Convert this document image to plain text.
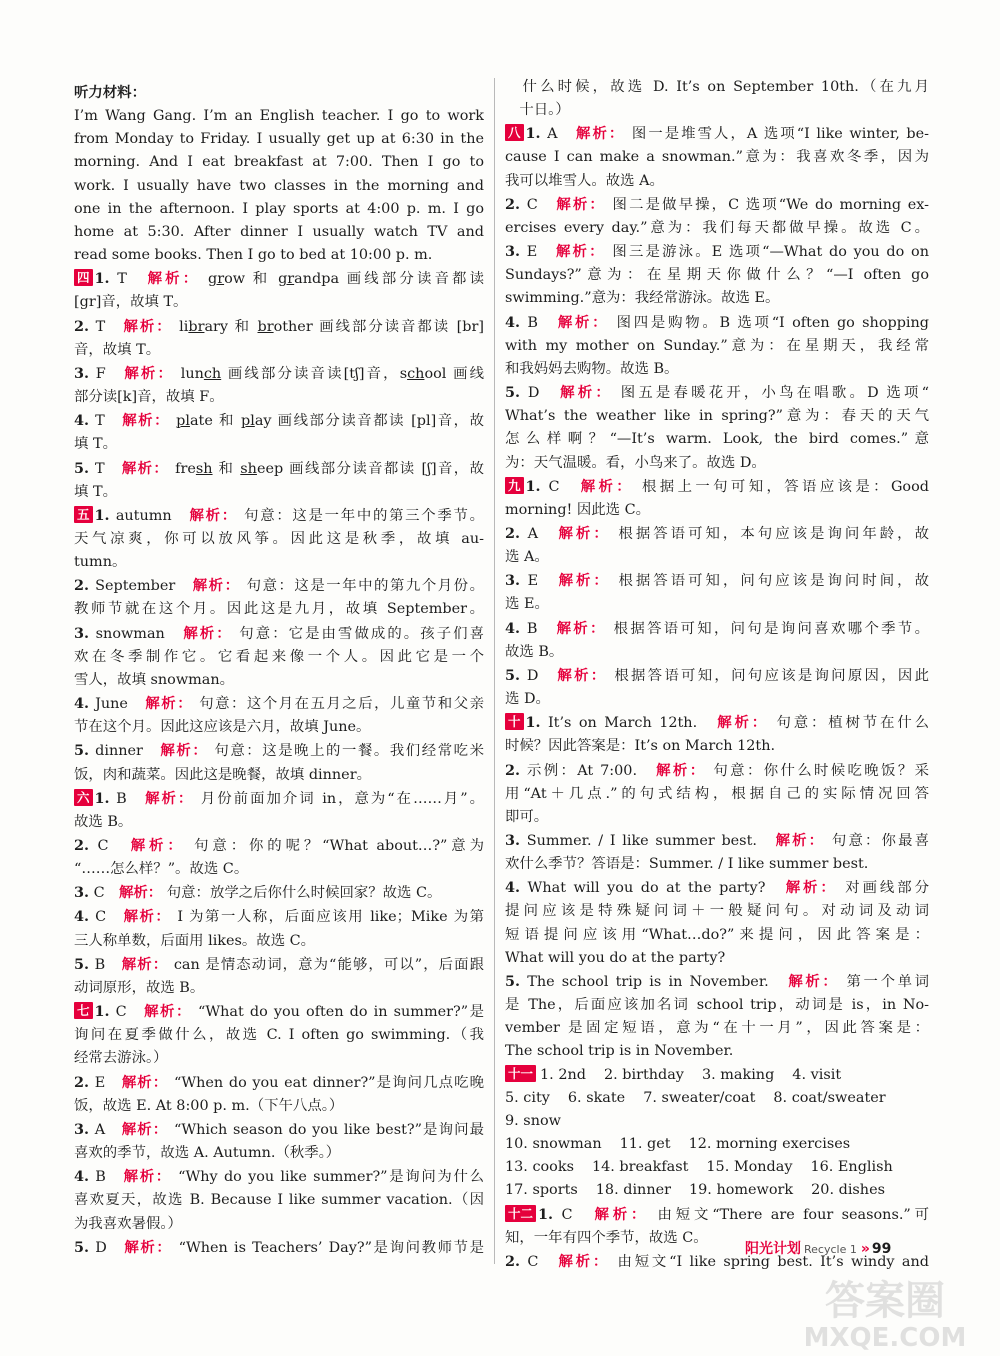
听力材料：
I’m Wang Gang. I’m an English teacher. I go to work
from Monday to Friday. I usually get up at 6:30 in the
morning. And I eat breakfast at 7:00. Then I go to
work. I usually have two classes in the morning and
one in the afternoon. I play sports at 4:00 p. m. I go
home at 5:30. After dinner I usually watch TV and
read some books. Then I go to bed at 10:00 p. m.
四 1. T　解析： grow 和 grandpa 画线部分读音都读
[gr]音，故填 T。
2. T　解析： library 和 brother 画线部分读音都读 [br]
音，故填 T。
3. F　解析： lunch 画线部分读音读[tʃ]音，school 画线
部分读[k]音，故填 F。
4. T　解析： plate 和 play 画线部分读音都读 [pl]音，故
填 T。
5. T　解析： fresh 和 sheep 画线部分读音都读 [ʃ]音，故
填 T。
五 1. autumn　解析： 句意：这是一年中的第三个季节。
天气凉爽，你可以放风筝。因此这是秋季，故填 au-
tumn。
2. September　解析： 句意：这是一年中的第九个月份。
教师节就在这个月。因此这是九月，故填 September。
3. snowman　解析： 句意：它是由雪做成的。孩子们喜
欢在冬季制作它。它看起来像一个人。因此它是一个
雪人，故填 snowman。
4. June　解析： 句意：这个月在五月之后，儿童节和父亲
节在这个月。因此这应该是六月，故填 June。
5. dinner　解析： 句意：这是晚上的一餐。我们经常吃米
饭，肉和蔬菜。因此这是晚餐，故填 dinner。
六 1. B　解析： 月份前面加介词 in，意为“在……月”。
故选 B。
2. C　解析： 句意：你的呢？“What about…?”意为
“……怎么样？”。故选 C。
3. C　解析： 句意：放学之后你什么时候回家？故选 C。
4. C　解析： I 为第一人称，后面应该用 like；Mike 为第
三人称单数，后面用 likes。故选 C。
5. B　解析： can 是情态动词，意为“能够，可以”，后面跟
动词原形，故选 B。
七 1. C　解析： “What do you often do in summer?”是
询问在夏季做什么，故选 C. I often go swimming.（我
经常去游泳。）
2. E　解析： “When do you eat dinner?”是询问几点吃晚
饭，故选 E. At 8:00 p. m.（下午八点。）
3. A　解析： “Which season do you like best?”是询问最
喜欢的季节，故选 A. Autumn.（秋季。）
4. B　解析： “Why do you like summer?”是询问为什么
喜欢夏天，故选 B. Because I like summer vacation.（因
为我喜欢暑假。）
5. D　解析： “When is Teachers’ Day?”是询问教师节是
　什么时候，故选 D. It’s on September 10th.（在九月
　十日。）
八 1. A　解析： 图一是堆雪人，A 选项“I like winter, be-
cause I can make a snowman.”意为：我喜欢冬季，因为
我可以堆雪人。故选 A。
2. C　解析： 图二是做早操，C 选项“We do morning ex-
ercises every day.”意为：我们每天都做早操。故选 C。
3. E　解析： 图三是游泳。E 选项“—What do you do on
Sundays?”意为：在星期天你做什么？“—I often go
swimming.”意为：我经常游泳。故选 E。
4. B　解析： 图四是购物。B 选项“I often go shopping
with my mother on Sunday.”意为：在星期天，我经常
和我妈妈去购物。故选 B。
5. D　解析： 图五是春暖花开，小鸟在唱歌。D 选项“
What’s the weather like in spring?”意为：春天的天气
怎么样啊？“—It’s warm. Look, the bird comes.”意
为：天气温暖。看，小鸟来了。故选 D。
九 1. C　解析： 根据上一句可知，答语应该是：Good
morning! 因此选 C。
2. A　解析： 根据答语可知，本句应该是询问年龄，故
选 A。
3. E　解析： 根据答语可知，问句应该是询问时间，故
选 E。
4. B　解析： 根据答语可知，问句是询问喜欢哪个季节。
故选 B。
5. D　解析： 根据答语可知，问句应该是询问原因，因此
选 D。
十 1. It’s on March 12th.　解析： 句意：植树节在什么
时候？因此答案是：It’s on March 12th.
2. 示例：At 7:00.　解析： 句意：你什么时候吃晚饭？采
用“At＋几点.”的句式结构，根据自己的实际情况回答
即可。
3. Summer. / I like summer best.　解析： 句意：你最喜
欢什么季节？答语是：Summer. / I like summer best.
4. What will you do at the party?　解析： 对画线部分
提问应该是特殊疑问词＋一般疑问句。对动词及动词
短语提问应该用“What…do?”来提问，因此答案是：
What will you do at the party?
5. The school trip is in November.　解析： 第一个单词
是 The，后面应该加名词 school trip，动词是 is，in No-
vember 是固定短语，意为“在十一月”，因此答案是：
The school trip is in November.
十一 1. 2nd 2. birthday 3. making 4. visit
5. city 6. skate 7. sweater/coat 8. coat/sweater
9. snow
10. snowman 11. get 12. morning exercises
13. cooks 14. breakfast 15. Monday 16. English
17. sports 18. dinner 19. homework 20. dishes
十二 1. C　解析： 由短文“There are four seasons.”可
知，一年有四个季节，故选 C。
2. C　解析： 由短文“I like spring best. It’s windy and
阳光计划 Recycle 1 » 99
答案圈
MXQE.COM
